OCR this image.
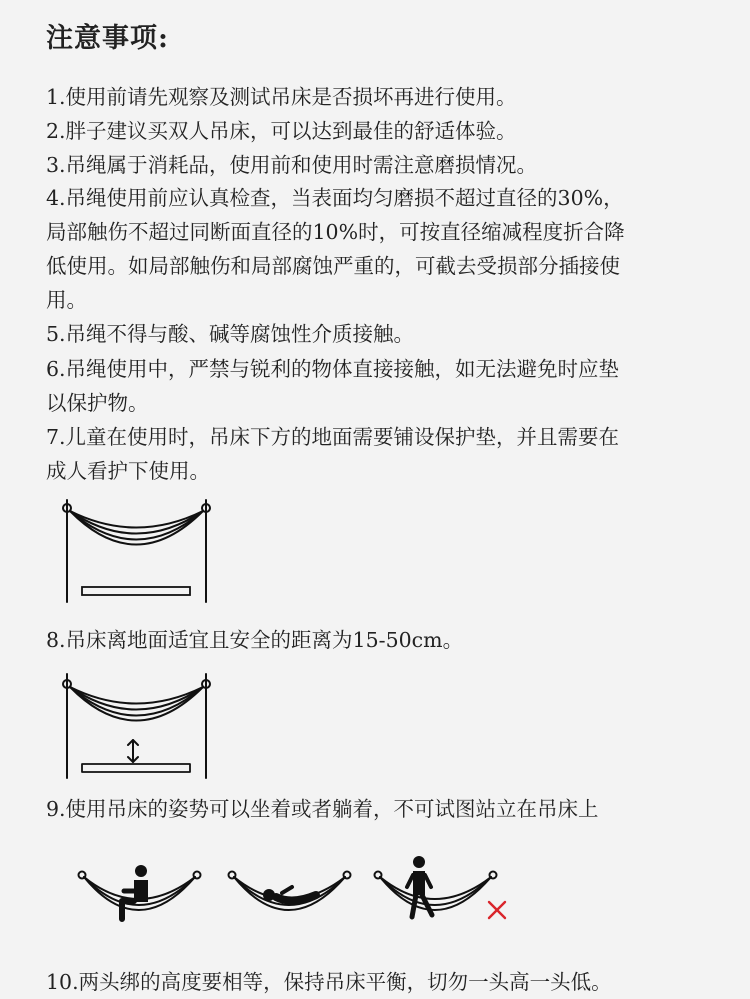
注意事项:
1.使用前请先观察及测试吊床是否损坏再进行使用。
2.胖子建议买双人吊床，可以达到最佳的舒适体验。
3.吊绳属于消耗品，使用前和使用时需注意磨损情况。
4.吊绳使用前应认真检查，当表面均匀磨损不超过直径的30%，
局部触伤不超过同断面直径的10%时，可按直径缩减程度折合降
低使用。如局部触伤和局部腐蚀严重的，可截去受损部分插接使
用。
5.吊绳不得与酸、碱等腐蚀性介质接触。
6.吊绳使用中，严禁与锐利的物体直接接触，如无法避免时应垫
以保护物。
7.儿童在使用时，吊床下方的地面需要铺设保护垫，并且需要在
成人看护下使用。
8.吊床离地面适宜且安全的距离为15-50cm。
9.使用吊床的姿势可以坐着或者躺着，不可试图站立在吊床上
10.两头绑的高度要相等，保持吊床平衡，切勿一头高一头低。
